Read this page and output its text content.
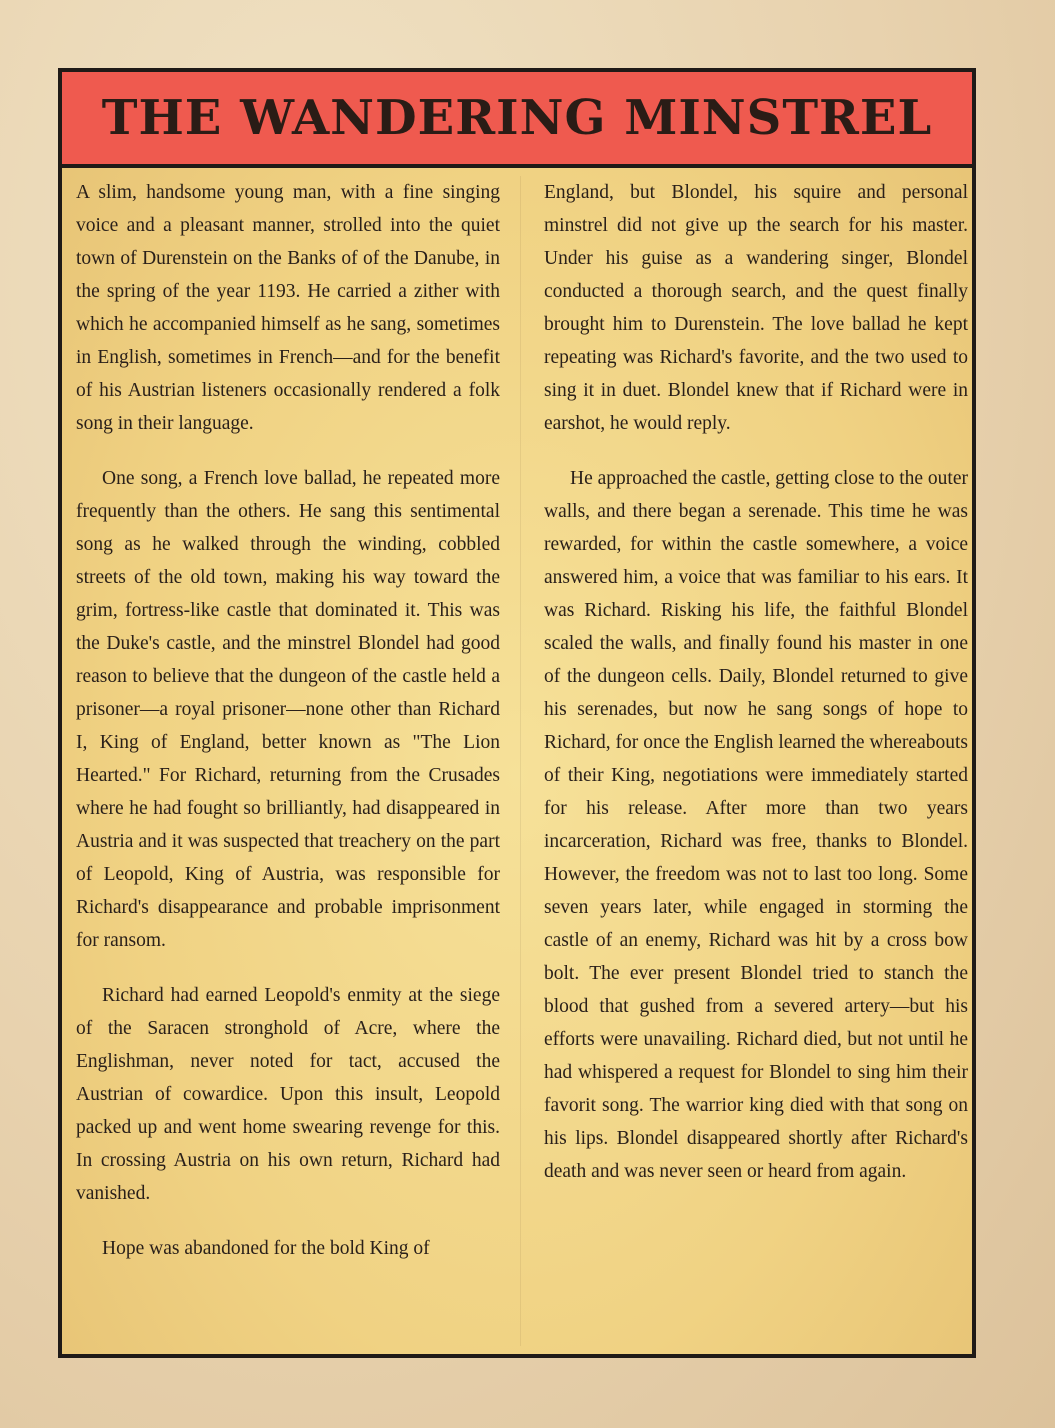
THE WANDERING MINSTREL

A slim, handsome young man, with a fine singing voice and a pleasant manner, strolled into the quiet town of Durenstein on the Banks of of the Danube, in the spring of the year 1193. He carried a zither with which he accompanied himself as he sang, sometimes in English, sometimes in French—and for the benefit of his Austrian listeners occasionally rendered a folk song in their language.

One song, a French love ballad, he repeated more frequently than the others. He sang this sentimental song as he walked through the winding, cobbled streets of the old town, making his way toward the grim, fortress-like castle that dominated it. This was the Duke's castle, and the minstrel Blondel had good reason to believe that the dungeon of the castle held a prisoner—a royal prisoner—none other than Richard I, King of England, better known as "The Lion Hearted." For Richard, returning from the Crusades where he had fought so brilliantly, had disappeared in Austria and it was suspected that treachery on the part of Leopold, King of Austria, was responsible for Richard's disappearance and probable imprisonment for ransom.

Richard had earned Leopold's enmity at the siege of the Saracen stronghold of Acre, where the Englishman, never noted for tact, accused the Austrian of cowardice. Upon this insult, Leopold packed up and went home swearing revenge for this. In crossing Austria on his own return, Richard had vanished.

Hope was abandoned for the bold King of

England, but Blondel, his squire and personal minstrel did not give up the search for his master. Under his guise as a wandering singer, Blondel conducted a thorough search, and the quest finally brought him to Durenstein. The love ballad he kept repeating was Richard's favorite, and the two used to sing it in duet. Blondel knew that if Richard were in earshot, he would reply.

He approached the castle, getting close to the outer walls, and there began a serenade. This time he was rewarded, for within the castle somewhere, a voice answered him, a voice that was familiar to his ears. It was Richard. Risking his life, the faithful Blondel scaled the walls, and finally found his master in one of the dungeon cells. Daily, Blondel returned to give his serenades, but now he sang songs of hope to Richard, for once the English learned the whereabouts of their King, negotiations were immediately started for his release. After more than two years incarceration, Richard was free, thanks to Blondel. However, the freedom was not to last too long. Some seven years later, while engaged in storming the castle of an enemy, Richard was hit by a cross bow bolt. The ever present Blondel tried to stanch the blood that gushed from a severed artery—but his efforts were unavailing. Richard died, but not until he had whispered a request for Blondel to sing him their favorit song. The warrior king died with that song on his lips. Blondel disappeared shortly after Richard's death and was never seen or heard from again.
